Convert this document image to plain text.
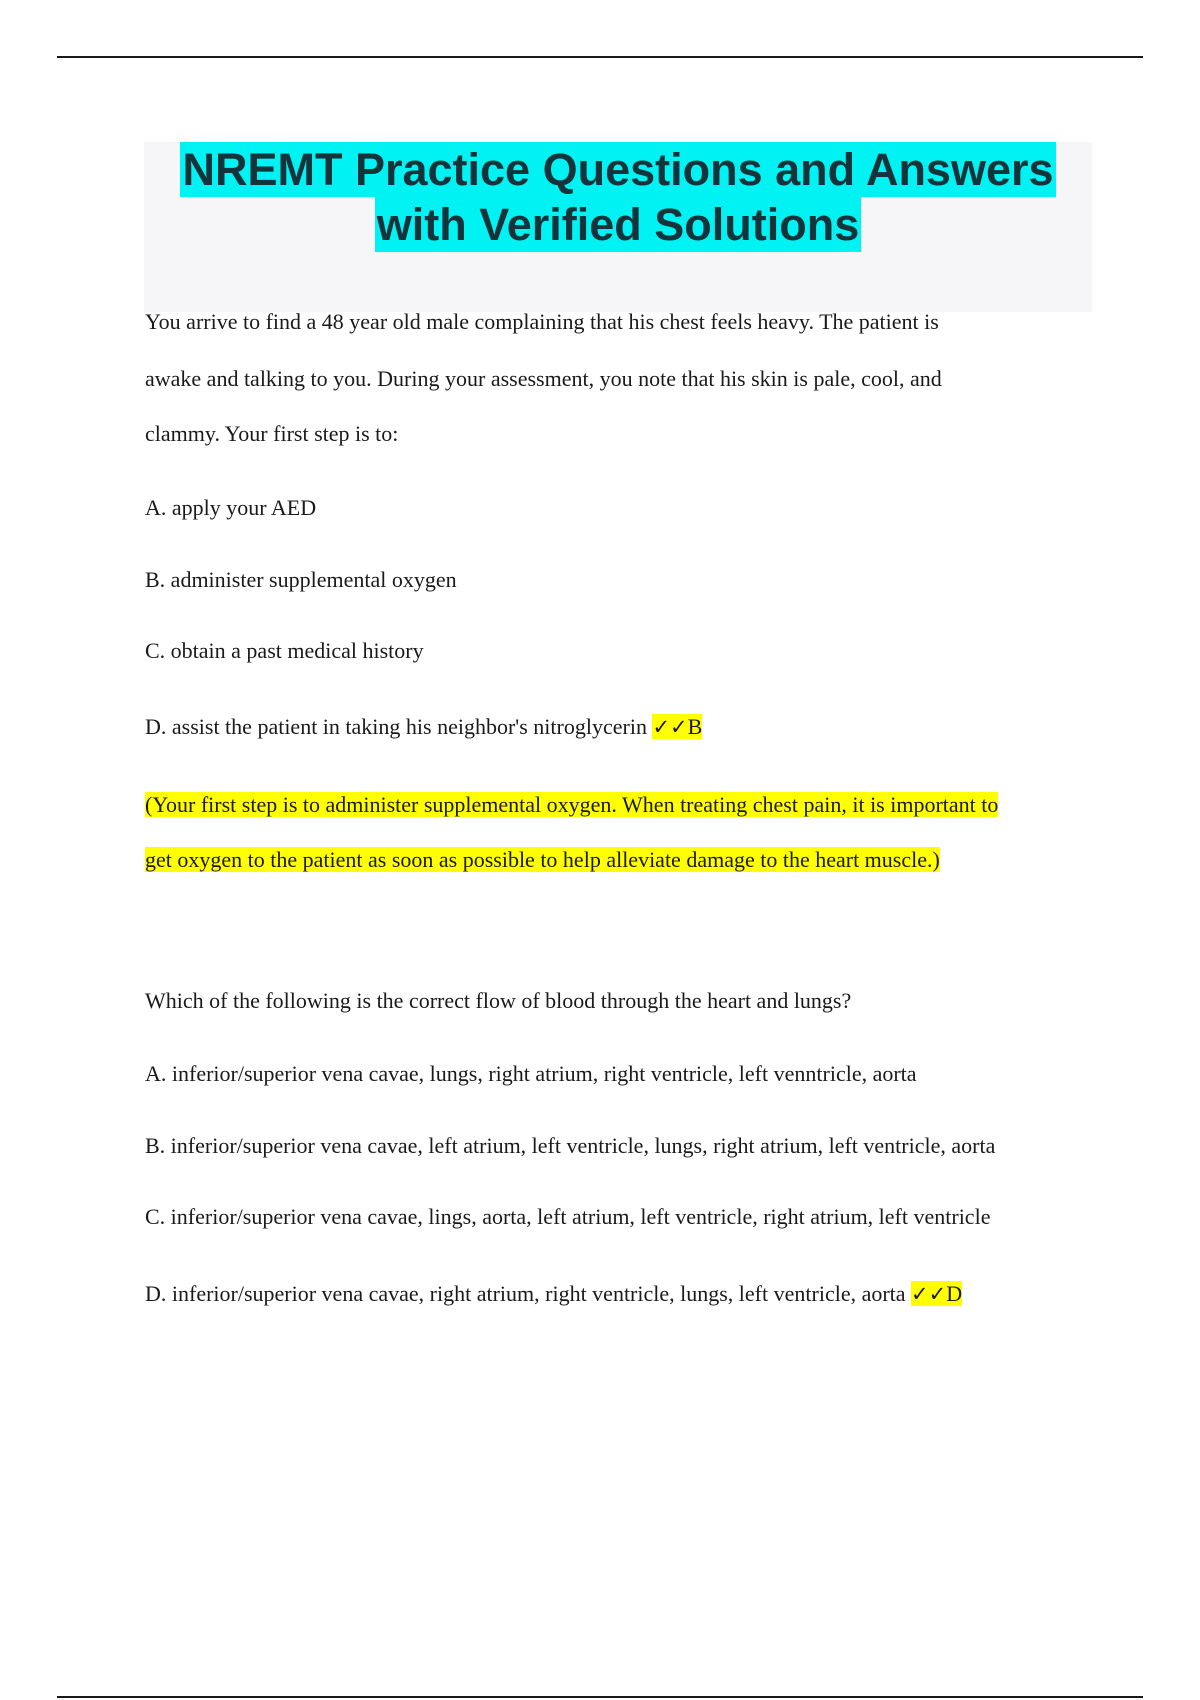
NREMT Practice Questions and Answers
with Verified Solutions
You arrive to find a 48 year old male complaining that his chest feels heavy. The patient is
awake and talking to you. During your assessment, you note that his skin is pale, cool, and
clammy. Your first step is to:
A. apply your AED
B. administer supplemental oxygen
C. obtain a past medical history
D. assist the patient in taking his neighbor's nitroglycerin ✓✓B
(Your first step is to administer supplemental oxygen. When treating chest pain, it is important to
get oxygen to the patient as soon as possible to help alleviate damage to the heart muscle.)
Which of the following is the correct flow of blood through the heart and lungs?
A. inferior/superior vena cavae, lungs, right atrium, right ventricle, left venntricle, aorta
B. inferior/superior vena cavae, left atrium, left ventricle, lungs, right atrium, left ventricle, aorta
C. inferior/superior vena cavae, lings, aorta, left atrium, left ventricle, right atrium, left ventricle
D. inferior/superior vena cavae, right atrium, right ventricle, lungs, left ventricle, aorta ✓✓D
